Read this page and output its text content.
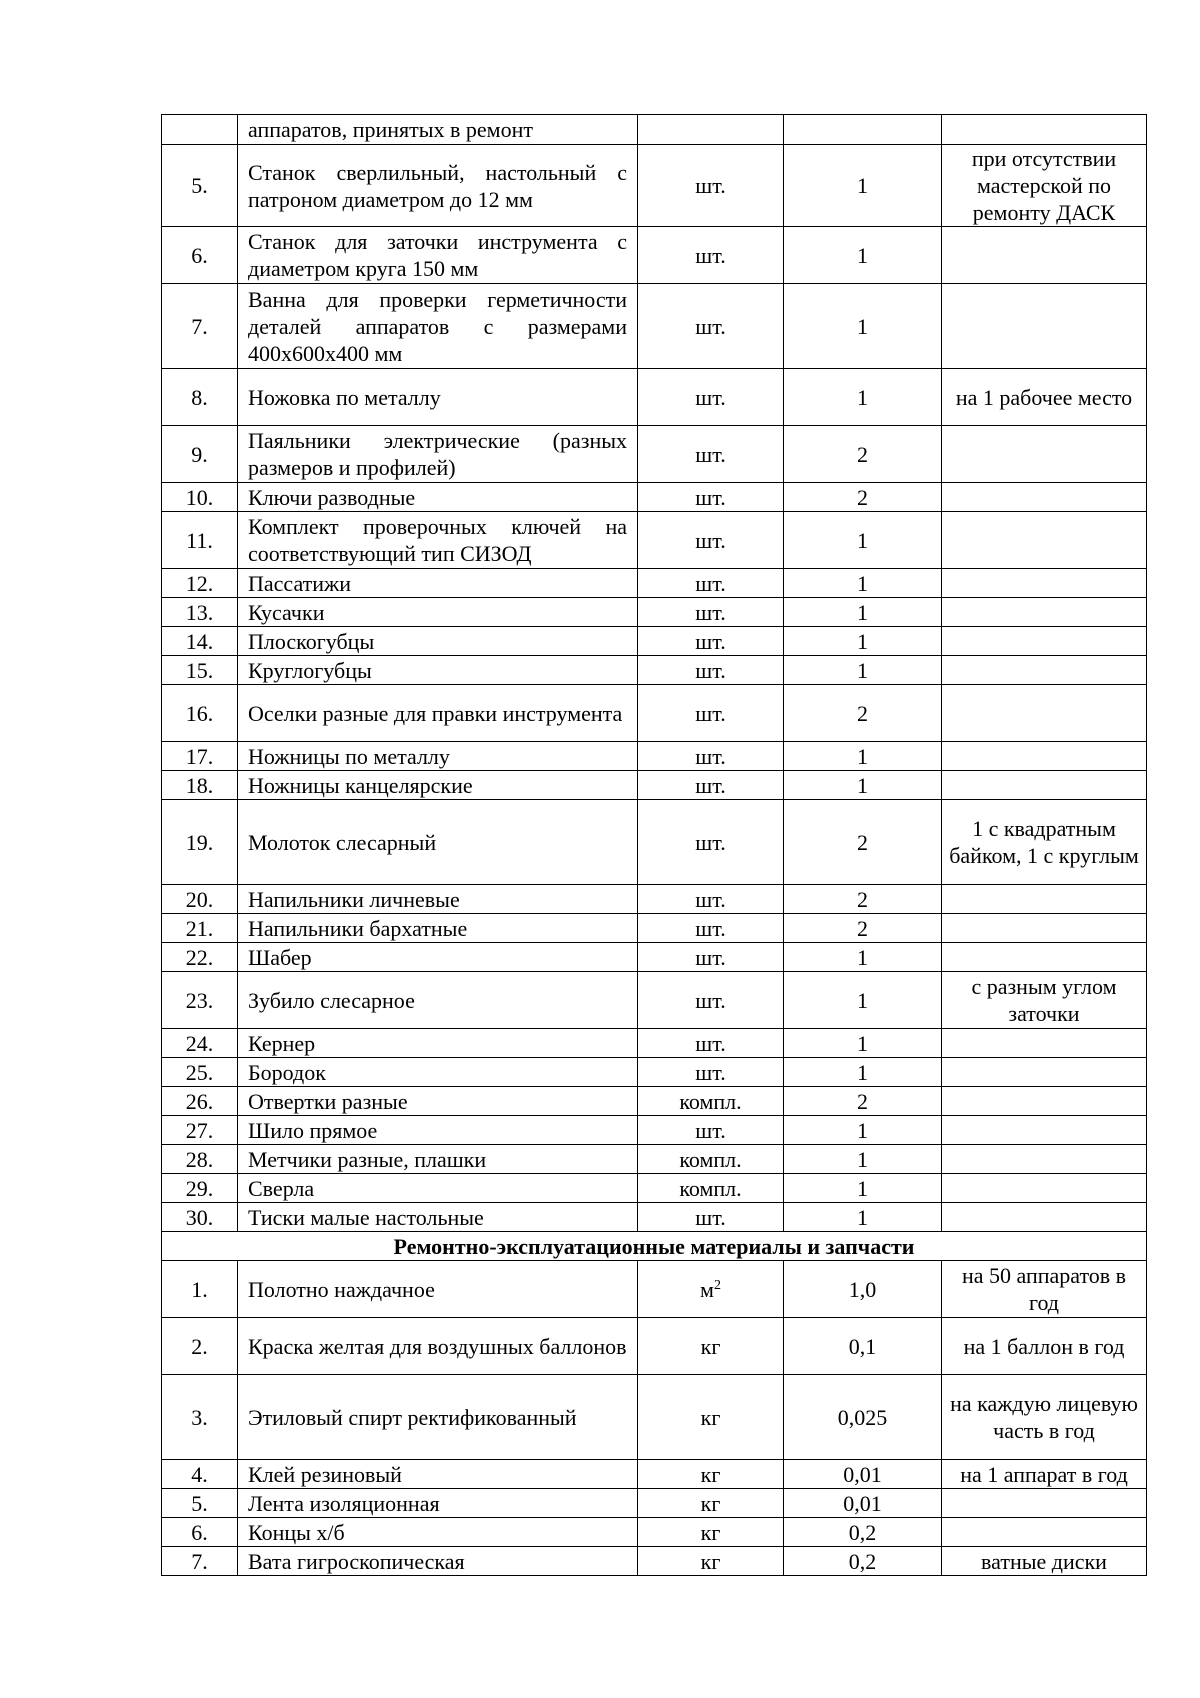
	аппаратов, принятых в ремонт			
5.	Станок сверлильный, настольный с патроном диаметром до 12 мм	шт.	1	при отсутствии мастерской по ремонту ДАСК
6.	Станок для заточки инструмента с диаметром круга 150 мм	шт.	1	
7.	Ванна для проверки герметичности деталей аппаратов с размерами 400х600х400 мм	шт.	1	
8.	Ножовка по металлу	шт.	1	на 1 рабочее место
9.	Паяльники электрические (разных размеров и профилей)	шт.	2	
10.	Ключи разводные	шт.	2	
11.	Комплект проверочных ключей на соответствующий тип СИЗОД	шт.	1	
12.	Пассатижи	шт.	1	
13.	Кусачки	шт.	1	
14.	Плоскогубцы	шт.	1	
15.	Круглогубцы	шт.	1	
16.	Оселки разные для правки инструмента	шт.	2	
17.	Ножницы по металлу	шт.	1	
18.	Ножницы канцелярские	шт.	1	
19.	Молоток слесарный	шт.	2	1 с квадратным байком, 1 с круглым
20.	Напильники личневые	шт.	2	
21.	Напильники бархатные	шт.	2	
22.	Шабер	шт.	1	
23.	Зубило слесарное	шт.	1	с разным углом заточки
24.	Кернер	шт.	1	
25.	Бородок	шт.	1	
26.	Отвертки разные	компл.	2	
27.	Шило прямое	шт.	1	
28.	Метчики разные, плашки	компл.	1	
29.	Сверла	компл.	1	
30.	Тиски малые настольные	шт.	1	
Ремонтно-эксплуатационные материалы и запчасти				
1.	Полотно наждачное	$м^2$	1,0	на 50 аппаратов в год
2.	Краска желтая для воздушных баллонов	кг	0,1	на 1 баллон в год
3.	Этиловый спирт ректификованный	кг	0,025	на каждую лицевую часть в год
4.	Клей резиновый	кг	0,01	на 1 аппарат в год
5.	Лента изоляционная	кг	0,01	
6.	Концы х/б	кг	0,2	
7.	Вата гигроскопическая	кг	0,2	ватные диски
